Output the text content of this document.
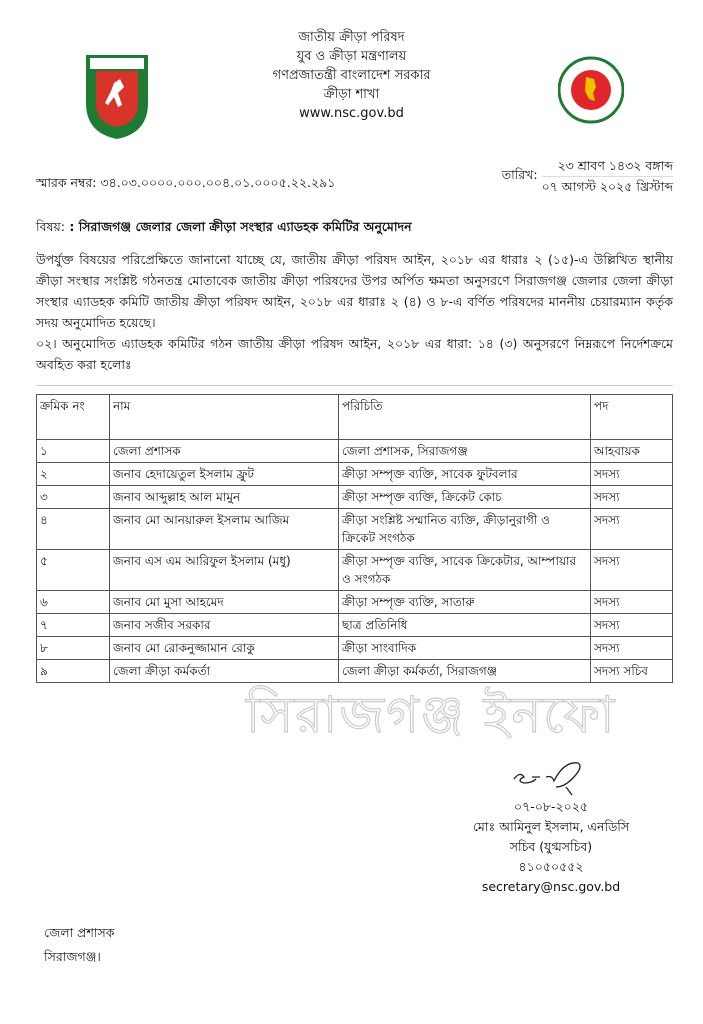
জাতীয় ক্রীড়া পরিষদ
যুব ও ক্রীড়া মন্ত্রণালয়
গণপ্রজাতন্ত্রী বাংলাদেশ সরকার
ক্রীড়া শাখা
www.nsc.gov.bd
স্মারক নম্বর: ৩৪.০৩.০০০০.০০০.০০৪.০১.০০০৫.২২.২৯১
তারিখ:
২৩ শ্রাবণ ১৪৩২ বঙ্গাব্দ
০৭ আগস্ট ২০২৫ খ্রিস্টাব্দ
বিষয়: : সিরাজগঞ্জ জেলার জেলা ক্রীড়া সংস্থার এ্যাডহক কমিটির অনুমোদন

উপর্যুক্ত বিষয়ের পরিপ্রেক্ষিতে জানানো যাচ্ছে যে, জাতীয় ক্রীড়া পরিষদ আইন, ২০১৮ এর ধারাঃ ২ (১৫)-এ উল্লিখিত স্থানীয় ক্রীড়া সংস্থার সংশ্লিষ্ট গঠনতন্ত্র মোতাবেক জাতীয় ক্রীড়া পরিষদের উপর অর্পিত ক্ষমতা অনুসরণে সিরাজগঞ্জ জেলার জেলা ক্রীড়া সংস্থার এ্যাডহক কমিটি জাতীয় ক্রীড়া পরিষদ আইন, ২০১৮ এর ধারাঃ ২ (৪) ও ৮-এ বর্ণিত পরিষদের মাননীয় চেয়ারম্যান কর্তৃক সদয় অনুমোদিত হয়েছে।

০২। অনুমোদিত এ্যাডহক কমিটির গঠন জাতীয় ক্রীড়া পরিষদ আইন, ২০১৮ এর ধারা: ১৪ (৩) অনুসরণে নিম্নরূপে নির্দেশক্রমে অবহিত করা হলোঃ

ক্রমিক নং	নাম	পরিচিতি	পদ
১	জেলা প্রশাসক	জেলা প্রশাসক, সিরাজগঞ্জ	আহবায়ক
২	জনাব হেদায়েতুল ইসলাম ফ্রুট	ক্রীড়া সম্পৃক্ত ব্যক্তি, সাবেক ফুটবলার	সদস্য
৩	জনাব আব্দুল্লাহ আল মামুন	ক্রীড়া সম্পৃক্ত ব্যক্তি, ক্রিকেট কোচ	সদস্য
৪	জনাব মো আনয়ারুল ইসলাম আজিম	ক্রীড়া সংশ্লিষ্ট সম্মানিত ব্যক্তি, ক্রীড়ানুরাগী ও ক্রিকেট সংগঠক	সদস্য
৫	জনাব এস এম আরিফুল ইসলাম (মধু)	ক্রীড়া সম্পৃক্ত ব্যক্তি, সাবেক ক্রিকেটার, আম্পায়ার ও সংগঠক	সদস্য
৬	জনাব মো মুসা আহমেদ	ক্রীড়া সম্পৃক্ত ব্যক্তি, সাতারু	সদস্য
৭	জনাব সজীব সরকার	ছাত্র প্রতিনিধি	সদস্য
৮	জনাব মো রোকনুজ্জামান রোকু	ক্রীড়া সাংবাদিক	সদস্য
৯	জেলা ক্রীড়া কর্মকর্তা	জেলা ক্রীড়া কর্মকর্তা, সিরাজগঞ্জ	সদস্য সচিব
সিরাজগঞ্জ ইনফো
০৭-০৮-২০২৫
মোঃ আমিনুল ইসলাম, এনডিসি
সচিব (যুগ্মসচিব)
৪১০৫০৫৫২
secretary@nsc.gov.bd
জেলা প্রশাসক
সিরাজগঞ্জ।
